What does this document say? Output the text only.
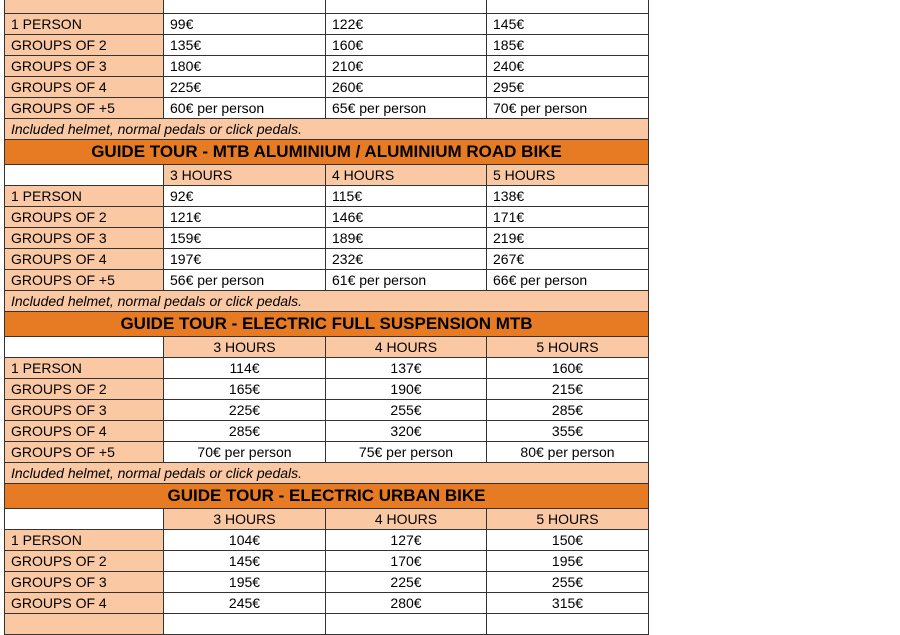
1 PERSON	99€	122€	145€
GROUPS OF 2	135€	160€	185€
GROUPS OF 3	180€	210€	240€
GROUPS OF 4	225€	260€	295€
GROUPS OF +5	60€ per person	65€ per person	70€ per person
Included helmet, normal pedals or click pedals.			
GUIDE TOUR - MTB ALUMINIUM / ALUMINIUM ROAD BIKE			
	3 HOURS	4 HOURS	5 HOURS
1 PERSON	92€	115€	138€
GROUPS OF 2	121€	146€	171€
GROUPS OF 3	159€	189€	219€
GROUPS OF 4	197€	232€	267€
GROUPS OF +5	56€ per person	61€ per person	66€ per person
Included helmet, normal pedals or click pedals.			
GUIDE TOUR - ELECTRIC FULL SUSPENSION MTB			
	3 HOURS	4 HOURS	5 HOURS
1 PERSON	114€	137€	160€
GROUPS OF 2	165€	190€	215€
GROUPS OF 3	225€	255€	285€
GROUPS OF 4	285€	320€	355€
GROUPS OF +5	70€ per person	75€ per person	80€ per person
Included helmet, normal pedals or click pedals.			
GUIDE TOUR - ELECTRIC URBAN BIKE			
	3 HOURS	4 HOURS	5 HOURS
1 PERSON	104€	127€	150€
GROUPS OF 2	145€	170€	195€
GROUPS OF 3	195€	225€	255€
GROUPS OF 4	245€	280€	315€
